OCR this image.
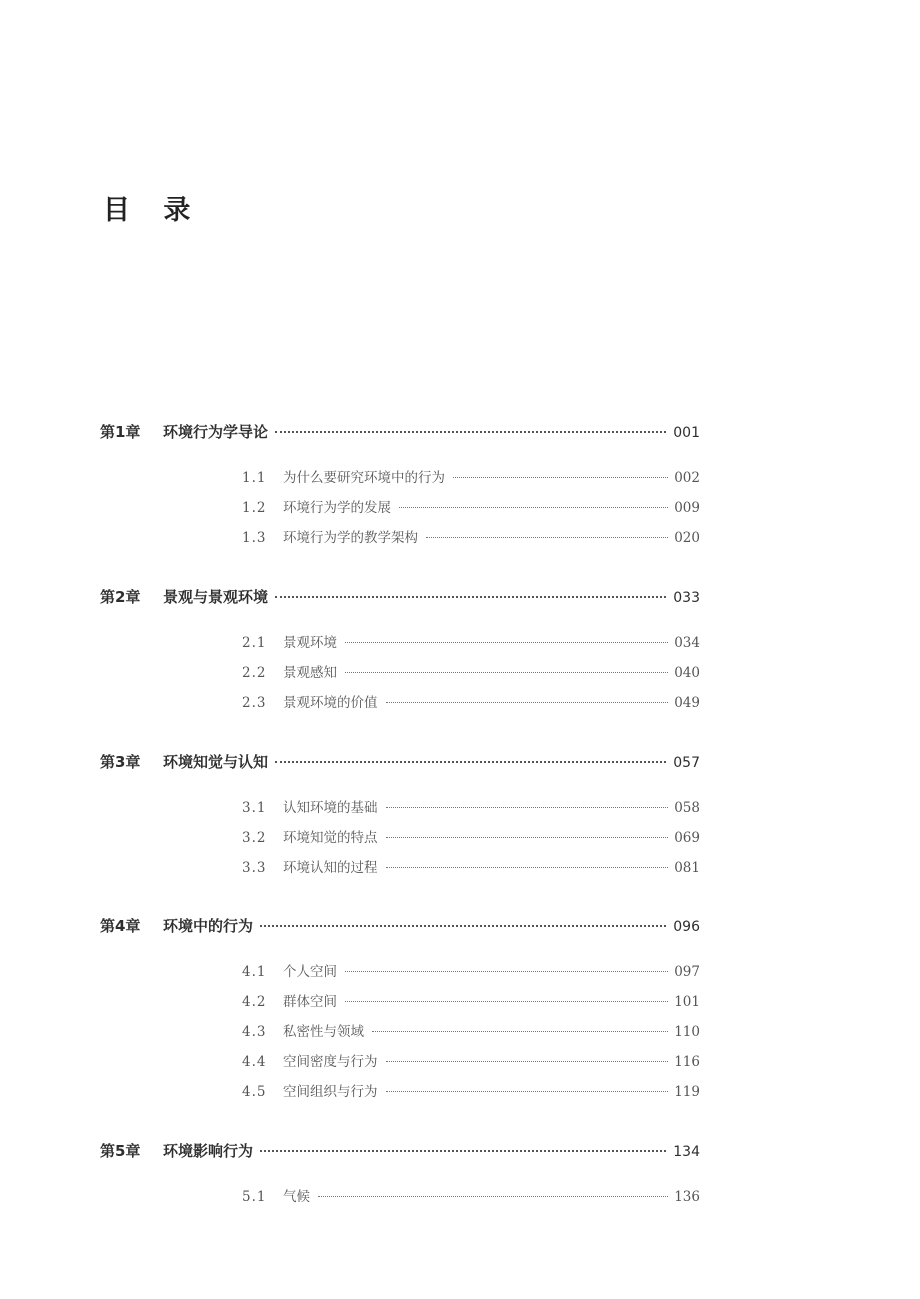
目 录
第1章	环境行为学导论	001
1.1	为什么要研究环境中的行为	002
1.2	环境行为学的发展	009
1.3	环境行为学的教学架构	020
第2章	景观与景观环境	033
2.1	景观环境	034
2.2	景观感知	040
2.3	景观环境的价值	049
第3章	环境知觉与认知	057
3.1	认知环境的基础	058
3.2	环境知觉的特点	069
3.3	环境认知的过程	081
第4章	环境中的行为	096
4.1	个人空间	097
4.2	群体空间	101
4.3	私密性与领域	110
4.4	空间密度与行为	116
4.5	空间组织与行为	119
第5章	环境影响行为	134
5.1	气候	136
